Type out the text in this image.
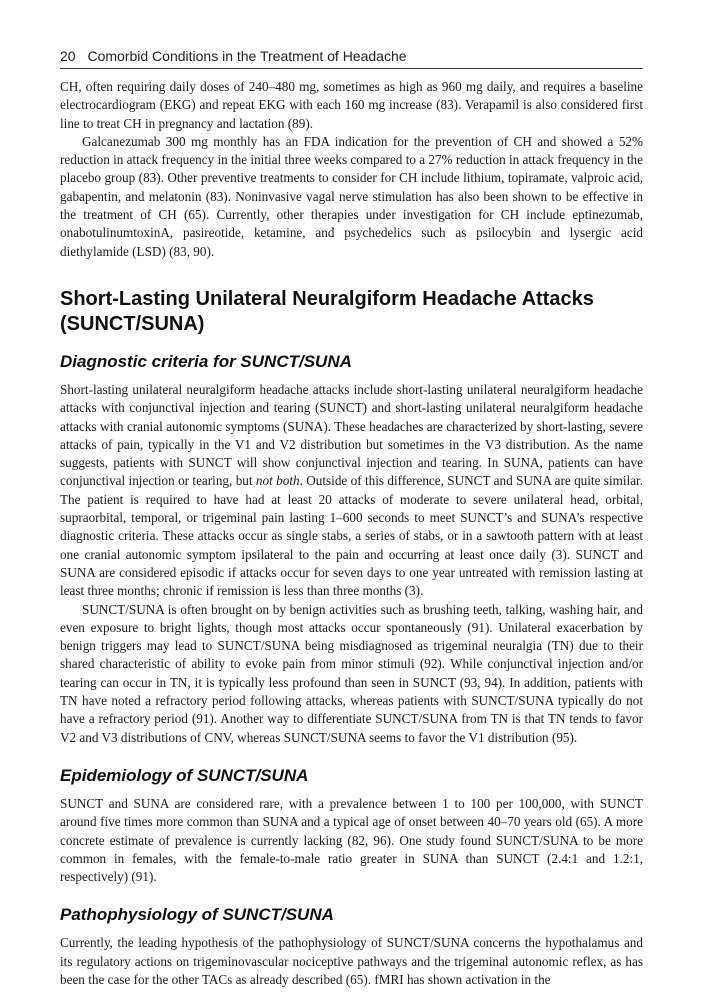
20 Comorbid Conditions in the Treatment of Headache

CH, often requiring daily doses of 240–480 mg, sometimes as high as 960 mg daily, and requires a baseline electrocardiogram (EKG) and repeat EKG with each 160 mg increase (83). Verapamil is also considered first line to treat CH in pregnancy and lactation (89).

Galcanezumab 300 mg monthly has an FDA indication for the prevention of CH and showed a 52% reduction in attack frequency in the initial three weeks compared to a 27% reduction in attack frequency in the placebo group (83). Other preventive treatments to consider for CH include lithium, topiramate, valproic acid, gabapentin, and melatonin (83). Noninvasive vagal nerve stimulation has also been shown to be effective in the treatment of CH (65). Currently, other therapies under investigation for CH include eptinezumab, onabotulinumtoxinA, pasireotide, ketamine, and psychedelics such as psilocybin and lysergic acid diethylamide (LSD) (83, 90).

Short-Lasting Unilateral Neuralgiform Headache Attacks (SUNCT/SUNA)
Diagnostic criteria for SUNCT/SUNA

Short-lasting unilateral neuralgiform headache attacks include short-lasting unilateral neuralgiform headache attacks with conjunctival injection and tearing (SUNCT) and short-lasting unilateral neuralgiform headache attacks with cranial autonomic symptoms (SUNA). These headaches are characterized by short-lasting, severe attacks of pain, typically in the V1 and V2 distribution but sometimes in the V3 distribution. As the name suggests, patients with SUNCT will show conjunctival injection and tearing. In SUNA, patients can have conjunctival injection or tearing, but not both. Outside of this difference, SUNCT and SUNA are quite similar. The patient is required to have had at least 20 attacks of moderate to severe unilateral head, orbital, supraorbital, temporal, or trigeminal pain lasting 1–600 seconds to meet SUNCT’s and SUNA’s respective diagnostic criteria. These attacks occur as single stabs, a series of stabs, or in a sawtooth pattern with at least one cranial autonomic symptom ipsilateral to the pain and occurring at least once daily (3). SUNCT and SUNA are considered episodic if attacks occur for seven days to one year untreated with remission lasting at least three months; chronic if remission is less than three months (3).

SUNCT/SUNA is often brought on by benign activities such as brushing teeth, talking, washing hair, and even exposure to bright lights, though most attacks occur spontaneously (91). Unilateral exacerbation by benign triggers may lead to SUNCT/SUNA being misdiagnosed as trigeminal neuralgia (TN) due to their shared characteristic of ability to evoke pain from minor stimuli (92). While conjunctival injection and/or tearing can occur in TN, it is typically less profound than seen in SUNCT (93, 94). In addition, patients with TN have noted a refractory period following attacks, whereas patients with SUNCT/SUNA typically do not have a refractory period (91). Another way to differentiate SUNCT/SUNA from TN is that TN tends to favor V2 and V3 distributions of CNV, whereas SUNCT/SUNA seems to favor the V1 distribution (95).

Epidemiology of SUNCT/SUNA

SUNCT and SUNA are considered rare, with a prevalence between 1 to 100 per 100,000, with SUNCT around five times more common than SUNA and a typical age of onset between 40–70 years old (65). A more concrete estimate of prevalence is currently lacking (82, 96). One study found SUNCT/SUNA to be more common in females, with the female-to-male ratio greater in SUNA than SUNCT (2.4:1 and 1.2:1, respectively) (91).

Pathophysiology of SUNCT/SUNA

Currently, the leading hypothesis of the pathophysiology of SUNCT/SUNA concerns the hypothalamus and its regulatory actions on trigeminovascular nociceptive pathways and the trigeminal autonomic reflex, as has been the case for the other TACs as already described (65). fMRI has shown activation in the
